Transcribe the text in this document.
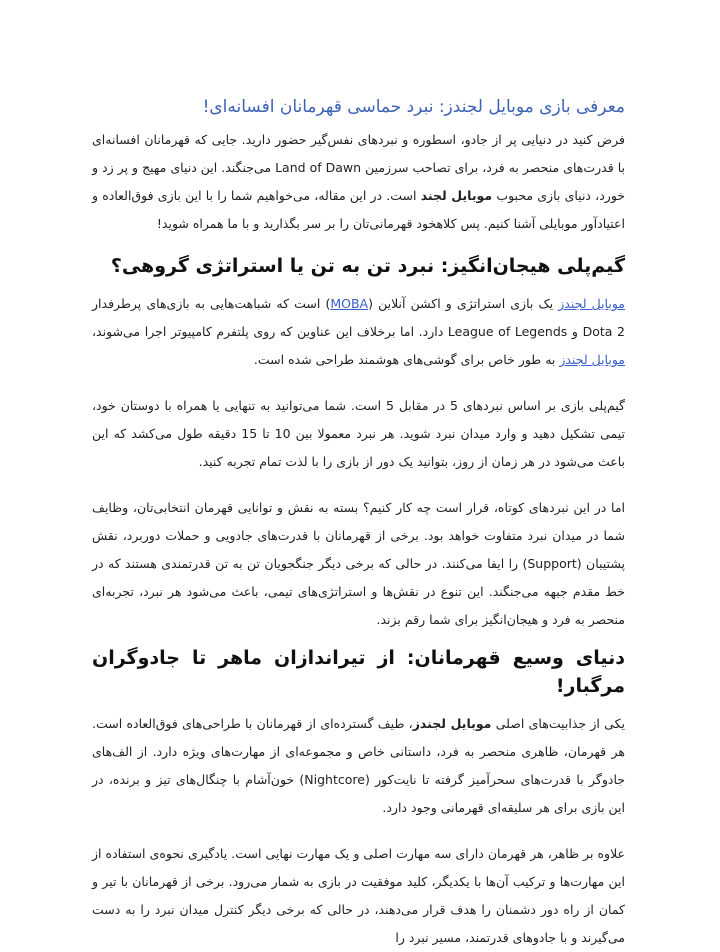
معرفی بازی موبایل لجندز: نبرد حماسی قهرمانان افسانه‌ای!

فرض کنید در دنیایی پر از جادو، اسطوره و نبردهای نفس‌گیر حضور دارید. جایی که قهرمانان افسانه‌ای با قدرت‌های منحصر به فرد، برای تصاحب سرزمین Land of Dawn می‌جنگند. این دنیای مهیج و پر زد و خورد، دنیای بازی محبوب موبایل لجند است. در این مقاله، می‌خواهیم شما را با این بازی فوق‌العاده و اعتیادآور موبایلی آشنا کنیم. پس کلاهخود قهرمانی‌تان را بر سر بگذارید و با ما همراه شوید!

گیم‌پلی هیجان‌انگیز: نبرد تن به تن یا استراتژی گروهی؟

موبایل لجندز یک بازی استراتژی و اکشن آنلاین (MOBA) است که شباهت‌هایی به بازی‌های پرطرفدار Dota 2 و League of Legends دارد. اما برخلاف این عناوین که روی پلتفرم کامپیوتر اجرا می‌شوند، موبایل لجندز به طور خاص برای گوشی‌های هوشمند طراحی شده است.

گیم‌پلی بازی بر اساس نبردهای 5 در مقابل 5 است. شما می‌توانید به تنهایی یا همراه با دوستان خود، تیمی تشکیل دهید و وارد میدان نبرد شوید. هر نبرد معمولا بین 10 تا 15 دقیقه طول می‌کشد که این باعث می‌شود در هر زمان از روز، بتوانید یک دور از بازی را با لذت تمام تجربه کنید.

اما در این نبردهای کوتاه، قرار است چه کار کنیم؟ بسته به نقش و توانایی قهرمان انتخابی‌تان، وظایف شما در میدان نبرد متفاوت خواهد بود. برخی از قهرمانان با قدرت‌های جادویی و حملات دوربرد، نقش پشتیبان (Support) را ایفا می‌کنند. در حالی که برخی دیگر جنگجویان تن به تن قدرتمندی هستند که در خط مقدم جبهه می‌جنگند. این تنوع در نقش‌ها و استراتژی‌های تیمی، باعث می‌شود هر نبرد، تجربه‌ای منحصر به فرد و هیجان‌انگیز برای شما رقم بزند.

دنیای وسیع قهرمانان: از تیراندازان ماهر تا جادوگران مرگبار!

یکی از جذابیت‌های اصلی موبایل لجندز، طیف گسترده‌ای از قهرمانان با طراحی‌های فوق‌العاده است. هر قهرمان، ظاهری منحصر به فرد، داستانی خاص و مجموعه‌ای از مهارت‌های ویژه دارد. از الف‌های جادوگر با قدرت‌های سحرآمیز گرفته تا نایت‌کور (Nightcore) خون‌آشام با چنگال‌های تیز و برنده، در این بازی برای هر سلیقه‌ای قهرمانی وجود دارد.

علاوه بر ظاهر، هر قهرمان دارای سه مهارت اصلی و یک مهارت نهایی است. یادگیری نحوه‌ی استفاده از این مهارت‌ها و ترکیب آن‌ها با یکدیگر، کلید موفقیت در بازی به شمار می‌رود. برخی از قهرمانان با تیر و کمان از راه دور دشمنان را هدف قرار می‌دهند، در حالی که برخی دیگر کنترل میدان نبرد را به دست می‌گیرند و با جادوهای قدرتمند، مسیر نبرد را
